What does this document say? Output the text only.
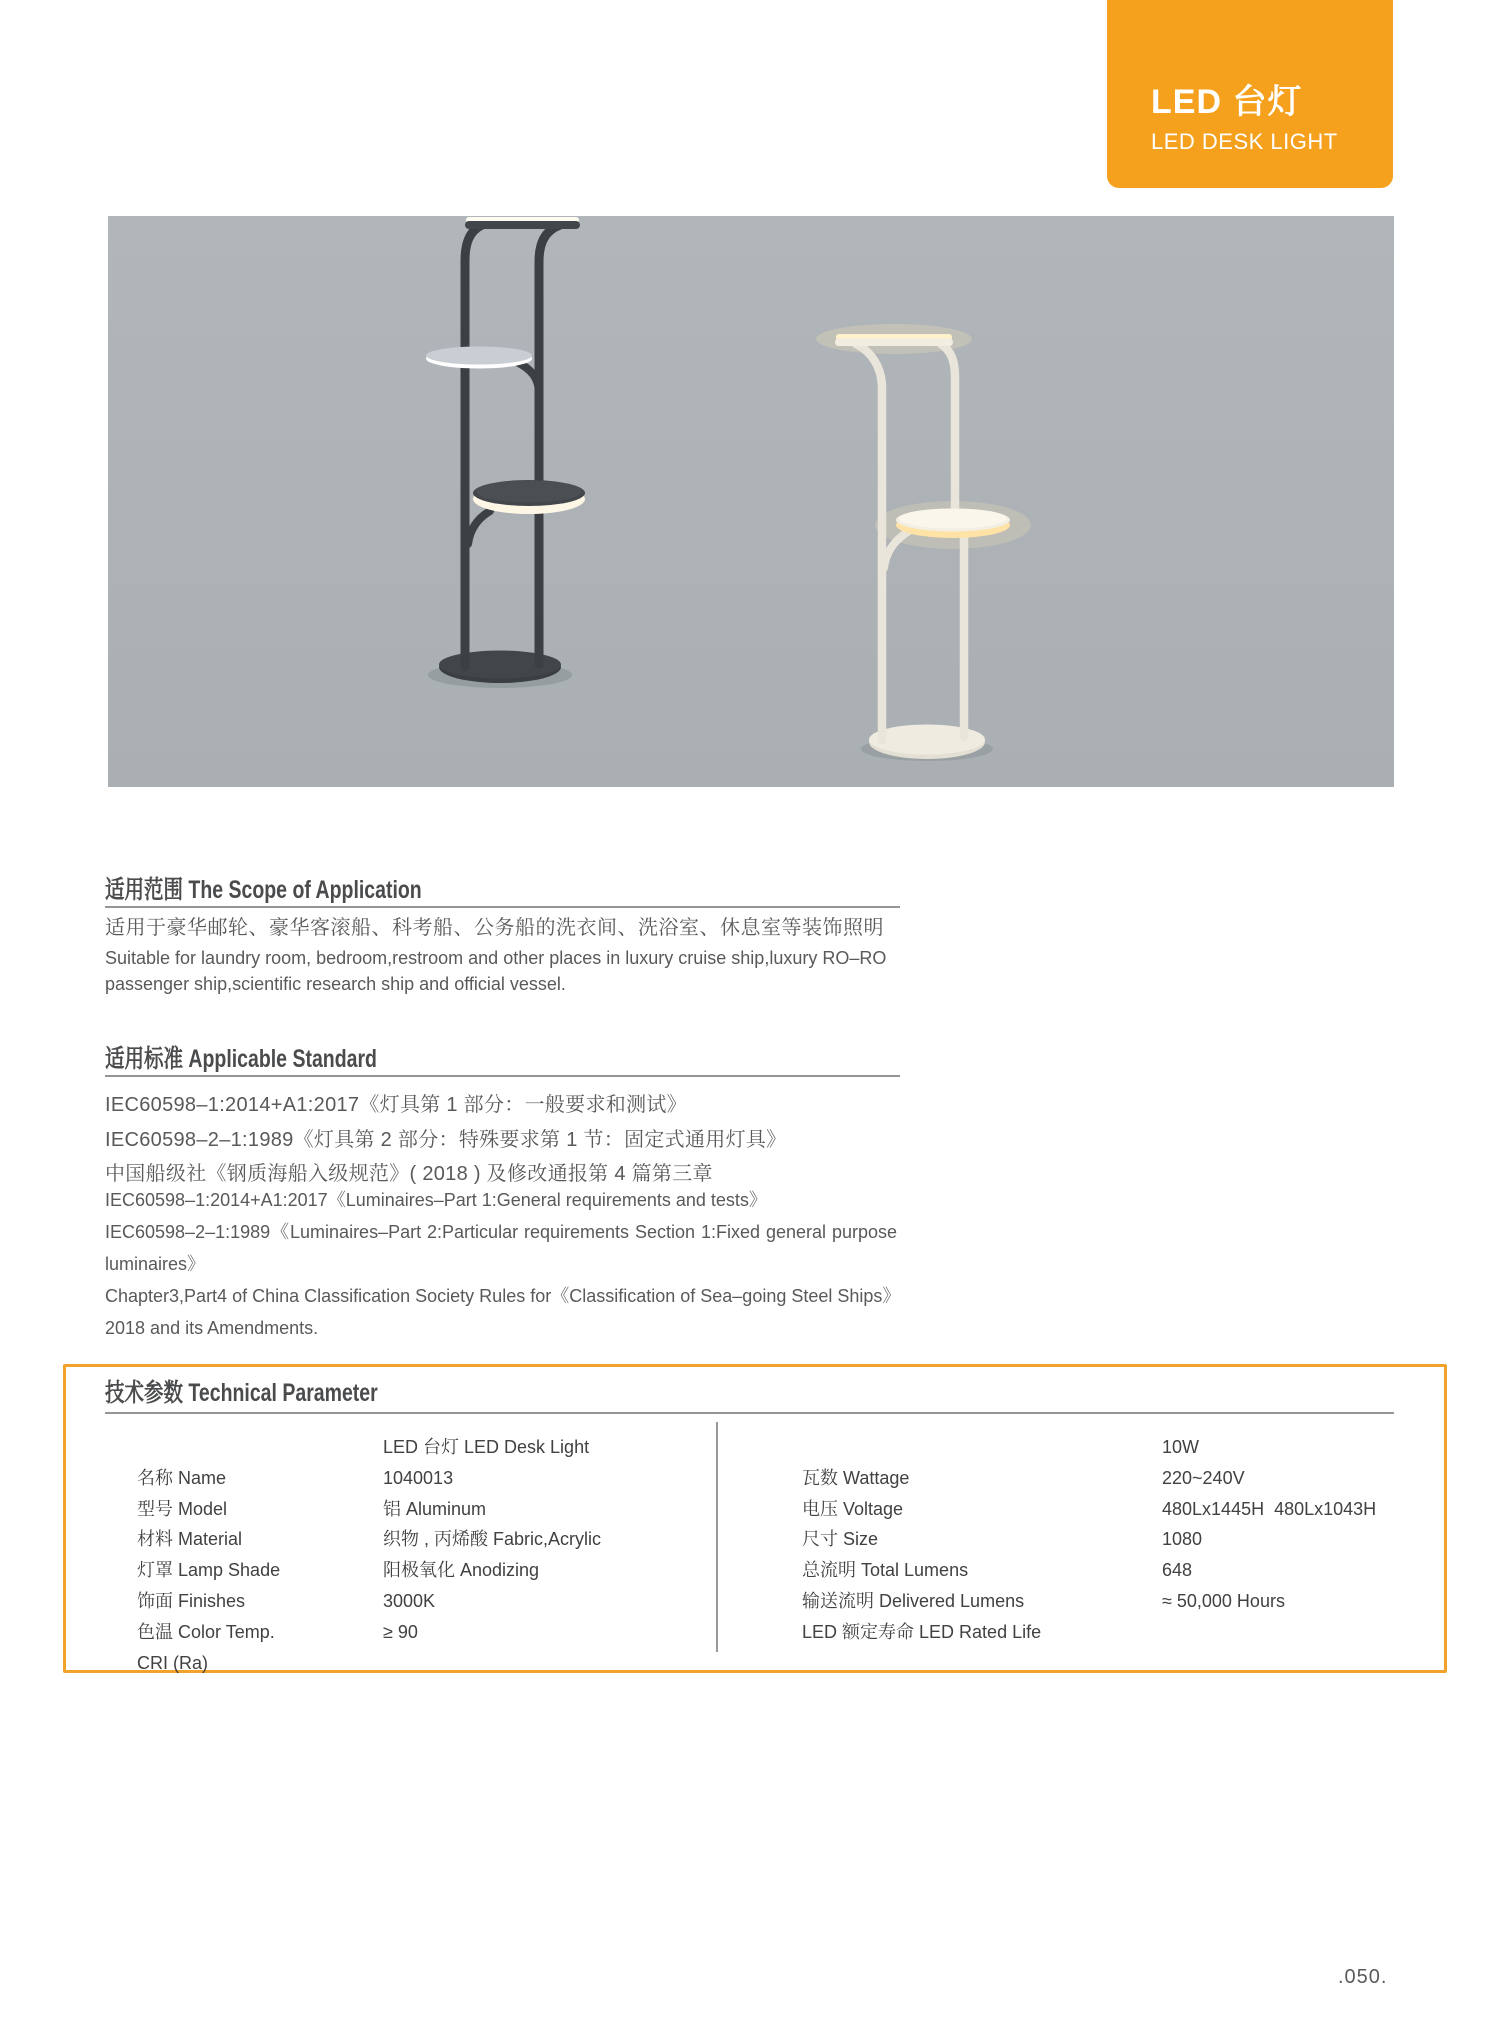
LED 台灯
LED DESK LIGHT
适用范围 The Scope of Application
适用于豪华邮轮、豪华客滚船、科考船、公务船的洗衣间、洗浴室、休息室等装饰照明
Suitable for laundry room, bedroom,restroom and other places in luxury cruise ship,luxury RO–RO passenger ship,scientific research ship and official vessel.
适用标准 Applicable Standard

IEC60598–1:2014+A1:2017《灯具第 1 部分：一般要求和测试》

IEC60598–2–1:1989《灯具第 2 部分：特殊要求第 1 节：固定式通用灯具》

中国船级社《钢质海船入级规范》( 2018 ) 及修改通报第 4 篇第三章

IEC60598–1:2014+A1:2017《Luminaires–Part 1:General requirements and tests》

IEC60598–2–1:1989《Luminaires–Part 2:Particular requirements Section 1:Fixed general purpose luminaires》

Chapter3,Part4 of China Classification Society Rules for《Classification of Sea–going Steel Ships》2018 and its Amendments.

技术参数 Technical Parameter

名称 Name

LED 台灯 LED Desk Light

型号 Model

1040013

材料 Material

铝 Aluminum

灯罩 Lamp Shade

织物 , 丙烯酸 Fabric,Acrylic

饰面 Finishes

阳极氧化 Anodizing

色温 Color Temp.

3000K

CRI (Ra)

≥ 90

瓦数 Wattage

10W

电压 Voltage

220~240V

尺寸 Size

480Lx1445H  480Lx1043H

总流明 Total Lumens

1080

输送流明 Delivered Lumens

648

LED 额定寿命 LED Rated Life

≈ 50,000 Hours

.050.
